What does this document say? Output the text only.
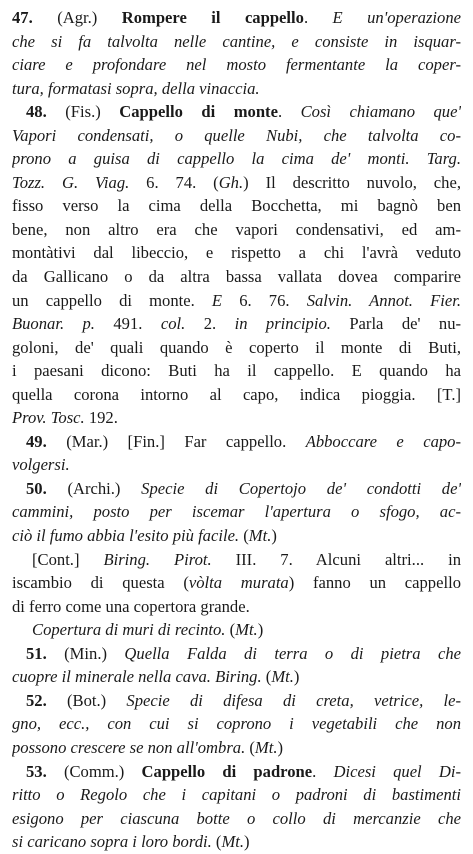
47. (Agr.) Rompere il cappello. E un'operazione
che si fa talvolta nelle cantine, e consiste in isquar-
ciare e profondare nel mosto fermentante la coper-
tura, formatasi sopra, della vinaccia.
48. (Fis.) Cappello di monte. Così chiamano que'
Vapori condensati, o quelle Nubi, che talvolta co-
prono a guisa di cappello la cima de' monti. Targ.
Tozz. G. Viag. 6. 74. (Gh.) Il descritto nuvolo, che,
fisso verso la cima della Bocchetta, mi bagnò ben
bene, non altro era che vapori condensativi, ed am-
montàtivi dal libeccio, e rispetto a chi l'avrà veduto
da Gallicano o da altra bassa vallata dovea comparire
un cappello di monte. E 6. 76. Salvin. Annot. Fier.
Buonar. p. 491. col. 2. in principio. Parla de' nu-
goloni, de' quali quando è coperto il monte di Buti,
i paesani dicono: Buti ha il cappello. E quando ha
quella corona intorno al capo, indica pioggia. [T.]
Prov. Tosc. 192.
49. (Mar.) [Fin.] Far cappello. Abboccare e capo-
volgersi.
50. (Archi.) Specie di Copertojo de' condotti de'
cammini, posto per iscemar l'apertura o sfogo, ac-
ciò il fumo abbia l'esito più facile. (Mt.)
[Cont.] Biring. Pirot. III. 7. Alcuni altri... in
iscambio di questa (vòlta murata) fanno un cappello
di ferro come una copertora grande.
Copertura di muri di recinto. (Mt.)
51. (Min.) Quella Falda di terra o di pietra che
cuopre il minerale nella cava. Biring. (Mt.)
52. (Bot.) Specie di difesa di creta, vetrice, le-
gno, ecc., con cui si coprono i vegetabili che non
possono crescere se non all'ombra. (Mt.)
53. (Comm.) Cappello di padrone. Dicesi quel Di-
ritto o Regolo che i capitani o padroni di bastimenti
esigono per ciascuna botte o collo di mercanzie che
si caricano sopra i loro bordi. (Mt.)
